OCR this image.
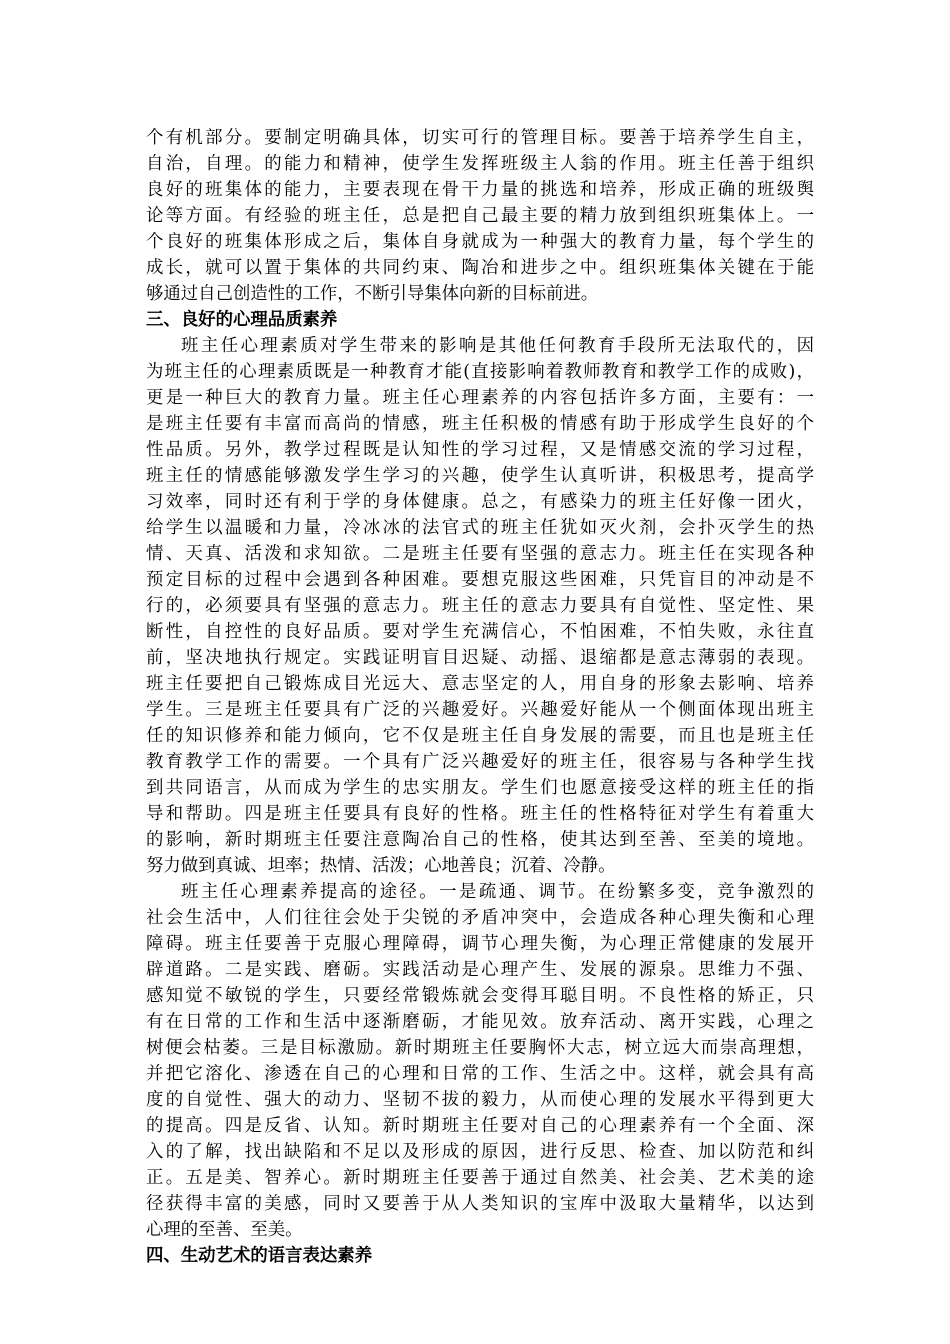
个有机部分。要制定明确具体，切实可行的管理目标。要善于培养学生自主，
自治，自理。的能力和精神，使学生发挥班级主人翁的作用。班主任善于组织
良好的班集体的能力，主要表现在骨干力量的挑选和培养，形成正确的班级舆
论等方面。有经验的班主任，总是把自己最主要的精力放到组织班集体上。一
个良好的班集体形成之后，集体自身就成为一种强大的教育力量，每个学生的
成长，就可以置于集体的共同约束、陶冶和进步之中。组织班集体关键在于能
够通过自己创造性的工作，不断引导集体向新的目标前进。
三、良好的心理品质素养
班主任心理素质对学生带来的影响是其他任何教育手段所无法取代的，因
为班主任的心理素质既是一种教育才能(直接影响着教师教育和教学工作的成败)，
更是一种巨大的教育力量。班主任心理素养的内容包括许多方面，主要有：一
是班主任要有丰富而高尚的情感，班主任积极的情感有助于形成学生良好的个
性品质。另外，教学过程既是认知性的学习过程，又是情感交流的学习过程，
班主任的情感能够激发学生学习的兴趣，使学生认真听讲，积极思考，提高学
习效率，同时还有利于学的身体健康。总之，有感染力的班主任好像一团火，
给学生以温暖和力量，冷冰冰的法官式的班主任犹如灭火剂，会扑灭学生的热
情、天真、活泼和求知欲。二是班主任要有坚强的意志力。班主任在实现各种
预定目标的过程中会遇到各种困难。要想克服这些困难，只凭盲目的冲动是不
行的，必须要具有坚强的意志力。班主任的意志力要具有自觉性、坚定性、果
断性，自控性的良好品质。要对学生充满信心，不怕困难，不怕失败，永往直
前，坚决地执行规定。实践证明盲目迟疑、动摇、退缩都是意志薄弱的表现。
班主任要把自己锻炼成目光远大、意志坚定的人，用自身的形象去影响、培养
学生。三是班主任要具有广泛的兴趣爱好。兴趣爱好能从一个侧面体现出班主
任的知识修养和能力倾向，它不仅是班主任自身发展的需要，而且也是班主任
教育教学工作的需要。一个具有广泛兴趣爱好的班主任，很容易与各种学生找
到共同语言，从而成为学生的忠实朋友。学生们也愿意接受这样的班主任的指
导和帮助。四是班主任要具有良好的性格。班主任的性格特征对学生有着重大
的影响，新时期班主任要注意陶冶自己的性格，使其达到至善、至美的境地。
努力做到真诚、坦率；热情、活泼；心地善良；沉着、冷静。
班主任心理素养提高的途径。一是疏通、调节。在纷繁多变，竞争激烈的
社会生活中，人们往往会处于尖锐的矛盾冲突中，会造成各种心理失衡和心理
障碍。班主任要善于克服心理障碍，调节心理失衡，为心理正常健康的发展开
辟道路。二是实践、磨砺。实践活动是心理产生、发展的源泉。思维力不强、
感知觉不敏锐的学生，只要经常锻炼就会变得耳聪目明。不良性格的矫正，只
有在日常的工作和生活中逐渐磨砺，才能见效。放弃活动、离开实践，心理之
树便会枯萎。三是目标激励。新时期班主任要胸怀大志，树立远大而崇高理想，
并把它溶化、渗透在自己的心理和日常的工作、生活之中。这样，就会具有高
度的自觉性、强大的动力、坚韧不拔的毅力，从而使心理的发展水平得到更大
的提高。四是反省、认知。新时期班主任要对自己的心理素养有一个全面、深
入的了解，找出缺陷和不足以及形成的原因，进行反思、检查、加以防范和纠
正。五是美、智养心。新时期班主任要善于通过自然美、社会美、艺术美的途
径获得丰富的美感，同时又要善于从人类知识的宝库中汲取大量精华，以达到
心理的至善、至美。
四、生动艺术的语言表达素养
